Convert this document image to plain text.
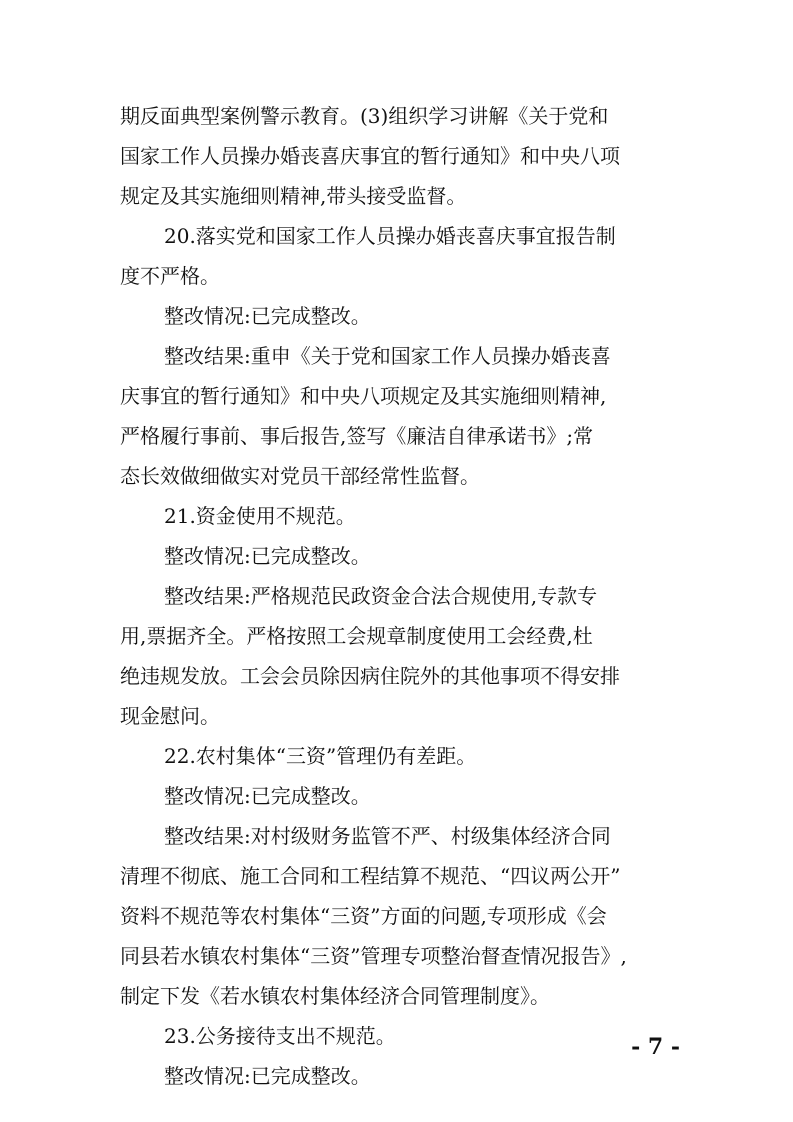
期反面典型案例警示教育。(3)组织学习讲解《关于党和
国家工作人员操办婚丧喜庆事宜的暂行通知》和中央八项
规定及其实施细则精神,带头接受监督。
20.落实党和国家工作人员操办婚丧喜庆事宜报告制
度不严格。
整改情况:已完成整改。
整改结果:重申《关于党和国家工作人员操办婚丧喜
庆事宜的暂行通知》和中央八项规定及其实施细则精神,
严格履行事前、事后报告,签写《廉洁自律承诺书》;常
态长效做细做实对党员干部经常性监督。
21.资金使用不规范。
整改情况:已完成整改。
整改结果:严格规范民政资金合法合规使用,专款专
用,票据齐全。严格按照工会规章制度使用工会经费,杜
绝违规发放。工会会员除因病住院外的其他事项不得安排
现金慰问。
22.农村集体“三资”管理仍有差距。
整改情况:已完成整改。
整改结果:对村级财务监管不严、村级集体经济合同
清理不彻底、施工合同和工程结算不规范、“四议两公开”
资料不规范等农村集体“三资”方面的问题,专项形成《会
同县若水镇农村集体“三资”管理专项整治督查情况报告》,
制定下发《若水镇农村集体经济合同管理制度》。
23.公务接待支出不规范。
整改情况:已完成整改。
- 7 -
